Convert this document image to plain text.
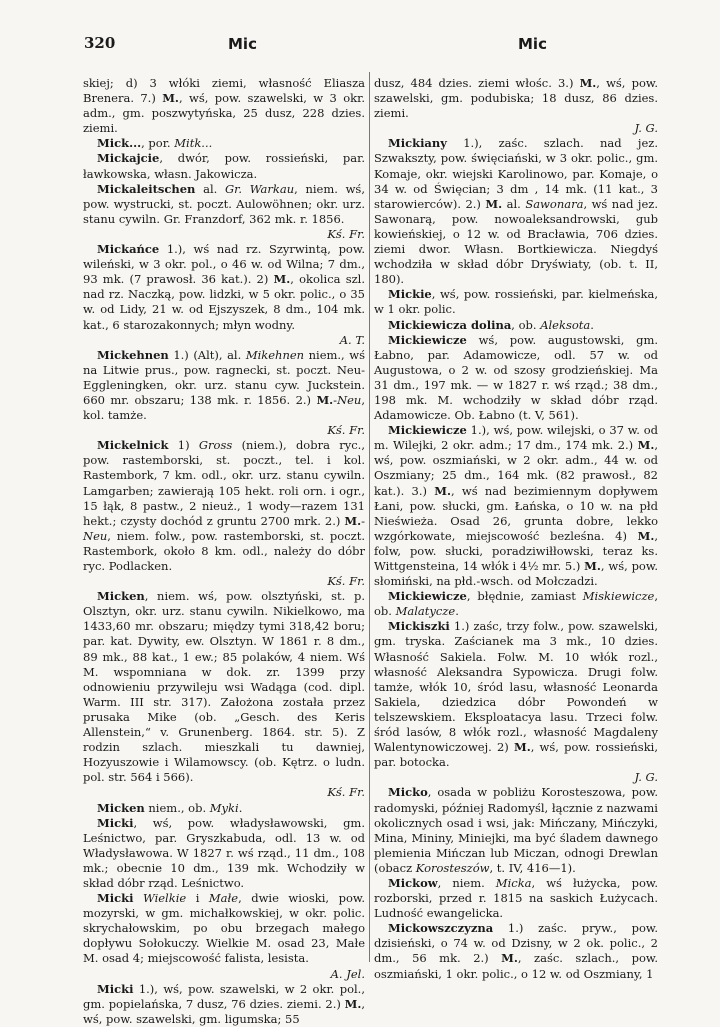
320	Mic	Mic

skiej; d) 3 włóki ziemi, własność Eliasza Brenera. 7.) M., wś, pow. szawelski, w 3 okr. adm., gm. poszwytyńska, 25 dusz, 228 dzies. ziemi.

Mick..., por. Mitk...

Mickajcie, dwór, pow. rossieński, par. ławkowska, własn. Jakowicza.

Mickaleitschen al. Gr. Warkau, niem. wś, pow. wystrucki, st. poczt. Aulowöhnen; okr. urz. stanu cywiln. Gr. Franzdorf, 362 mk. r. 1856.

Kś. Fr.

Mickańce 1.), wś nad rz. Szyrwintą, pow. wileński, w 3 okr. pol., o 46 w. od Wilna; 7 dm., 93 mk. (7 prawosł. 36 kat.). 2) M., okolica szl. nad rz. Naczką, pow. lidzki, w 5 okr. polic., o 35 w. od Lidy, 21 w. od Ejszyszek, 8 dm., 104 mk. kat., 6 starozakonnych; młyn wodny.

A. T.

Mickehnen 1.) (Alt), al. Mikehnen niem., wś na Litwie prus., pow. ragnecki, st. poczt. Neu-Eggleningken, okr. urz. stanu cyw. Juckstein. 660 mr. obszaru; 138 mk. r. 1856. 2.) M.-Neu, kol. tamże.

Kś. Fr.

Mickelnick 1) Gross (niem.), dobra ryc., pow. rastemborski, st. poczt., tel. i kol. Rastembork, 7 km. odl., okr. urz. stanu cywiln. Lamgarben; zawierają 105 hekt. roli orn. i ogr., 15 łąk, 8 pastw., 2 nieuż., 1 wody—razem 131 hekt.; czysty dochód z gruntu 2700 mrk. 2.) M.-Neu, niem. folw., pow. rastemborski, st. poczt. Rastembork, około 8 km. odl., należy do dóbr ryc. Podlacken.

Kś. Fr.

Micken, niem. wś, pow. olsztyński, st. p. Olsztyn, okr. urz. stanu cywiln. Nikielkowo, ma 1433,60 mr. obszaru; między tymi 318,42 boru; par. kat. Dywity, ew. Olsztyn. W 1861 r. 8 dm., 89 mk., 88 kat., 1 ew.; 85 polaków, 4 niem. Wś M. wspomniana w dok. zr. 1399 przy odnowieniu przywileju wsi Wadąga (cod. dipl. Warm. III str. 317). Założona została przez prusaka Mike (ob. „Gesch. des Keris Allenstein,“ v. Grunenberg. 1864. str. 5). Z rodzin szlach. mieszkali tu dawniej, Hozyuszowie i Wilamowscy. (ob. Kętrz. o ludn. pol. str. 564 i 566).

Kś. Fr.

Micken niem., ob. Myki.

Micki, wś, pow. władysławowski, gm. Leśnictwo, par. Gryszkabuda, odl. 13 w. od Władysławowa. W 1827 r. wś rząd., 11 dm., 108 mk.; obecnie 10 dm., 139 mk. Wchodziły w skład dóbr rząd. Leśnictwo.

Micki Wielkie i Małe, dwie wioski, pow. mozyrski, w gm. michałkowskiej, w okr. polic. skrychałowskim, po obu brzegach małego dopływu Sołokuczy. Wielkie M. osad 23, Małe M. osad 4; miejscowość falista, lesista.

A. Jel.

Micki 1.), wś, pow. szawelski, w 2 okr. pol., gm. popielańska, 7 dusz, 76 dzies. ziemi. 2.) M., wś, pow. szawelski, gm. ligumska; 55

dusz, 484 dzies. ziemi włośc. 3.) M., wś, pow. szawelski, gm. podubiska; 18 dusz, 86 dzies. ziemi.

J. G.

Mickiany 1.), zaśc. szlach. nad jez. Szwakszty, pow. święciański, w 3 okr. polic., gm. Komaje, okr. wiejski Karolinowo, par. Komaje, o 34 w. od Święcian; 3 dm , 14 mk. (11 kat., 3 starowierców). 2.) M. al. Sawonara, wś nad jez. Sawonarą, pow. nowoaleksandrowski, gub kowieńskiej, o 12 w. od Bracławia, 706 dzies. ziemi dwor. Własn. Bortkiewicza. Niegdyś wchodziła w skład dóbr Dryświaty, (ob. t. II, 180).

Mickie, wś, pow. rossieński, par. kielmeńska, w 1 okr. polic.

Mickiewicza dolina, ob. Aleksota.

Mickiewicze wś, pow. augustowski, gm. Łabno, par. Adamowicze, odl. 57 w. od Augustowa, o 2 w. od szosy grodzieńskiej. Ma 31 dm., 197 mk. — w 1827 r. wś rząd.; 38 dm., 198 mk. M. wchodziły w skład dóbr rząd. Adamowicze. Ob. Łabno (t. V, 561).

Mickiewicze 1.), wś, pow. wilejski, o 37 w. od m. Wilejki, 2 okr. adm.; 17 dm., 174 mk. 2.) M., wś, pow. oszmiański, w 2 okr. adm., 44 w. od Oszmiany; 25 dm., 164 mk. (82 prawosł., 82 kat.). 3.) M., wś nad bezimiennym dopływem Łani, pow. słucki, gm. Łańska, o 10 w. na płd Nieświeża. Osad 26, grunta dobre, lekko wzgórkowate, miejscowość bezleśna. 4) M., folw, pow. słucki, poradziwiłłowski, teraz ks. Wittgensteina, 14 włók i 4½ mr. 5.) M., wś, pow. słomiński, na płd.-wsch. od Mołczadzi.

Mickiewicze, błędnie, zamiast Miskiewicze, ob. Malatycze.

Mickiszki 1.) zaśc, trzy folw., pow. szawelski, gm. tryska. Zaścianek ma 3 mk., 10 dzies. Własność Sakiela. Folw. M. 10 włók rozl., własność Aleksandra Sypowicza. Drugi folw. tamże, włók 10, śród lasu, własność Leonarda Sakiela, dziedzica dóbr Powondeń w telszewskiem. Eksploatacya lasu. Trzeci folw. śród lasów, 8 włók rozl., własność Magdaleny Walentynowiczowej. 2) M., wś, pow. rossieński, par. botocka.

J. G.

Micko, osada w pobliżu Korosteszowa, pow. radomyski, później Radomyśl, łącznie z nazwami okolicznych osad i wsi, jak: Mińczany, Mińczyki, Mina, Mininy, Miniejki, ma być śladem dawnego plemienia Mińczan lub Miczan, odnogi Drewlan (obacz Korosteszów, t. IV, 416—1).

Mickow, niem. Micka, wś łużycka, pow. rozborski, przed r. 1815 na saskich Łużycach. Ludność ewangelicka.

Mickowszczyzna 1.) zaśc. pryw., pow. dzisieński, o 74 w. od Dzisny, w 2 ok. polic., 2 dm., 56 mk. 2.) M., zaśc. szlach., pow. oszmiański, 1 okr. polic., o 12 w. od Oszmiany, 1
